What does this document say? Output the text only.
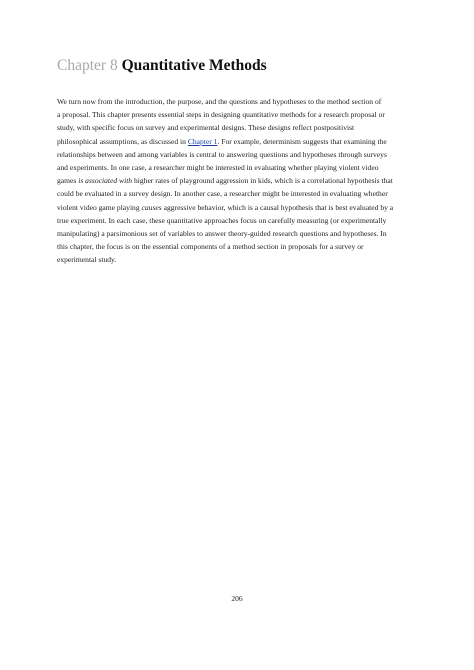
Chapter 8 Quantitative Methods

We turn now from the introduction, the purpose, and the questions and hypotheses to the method section of
a proposal. This chapter presents essential steps in designing quantitative methods for a research proposal or
study, with specific focus on survey and experimental designs. These designs reflect postpositivist
philosophical assumptions, as discussed in Chapter 1. For example, determinism suggests that examining the
relationships between and among variables is central to answering questions and hypotheses through surveys
and experiments. In one case, a researcher might be interested in evaluating whether playing violent video
games is associated with higher rates of playground aggression in kids, which is a correlational hypothesis that
could be evaluated in a survey design. In another case, a researcher might be interested in evaluating whether
violent video game playing causes aggressive behavior, which is a causal hypothesis that is best evaluated by a
true experiment. In each case, these quantitative approaches focus on carefully measuring (or experimentally
manipulating) a parsimonious set of variables to answer theory-guided research questions and hypotheses. In
this chapter, the focus is on the essential components of a method section in proposals for a survey or
experimental study.

206
